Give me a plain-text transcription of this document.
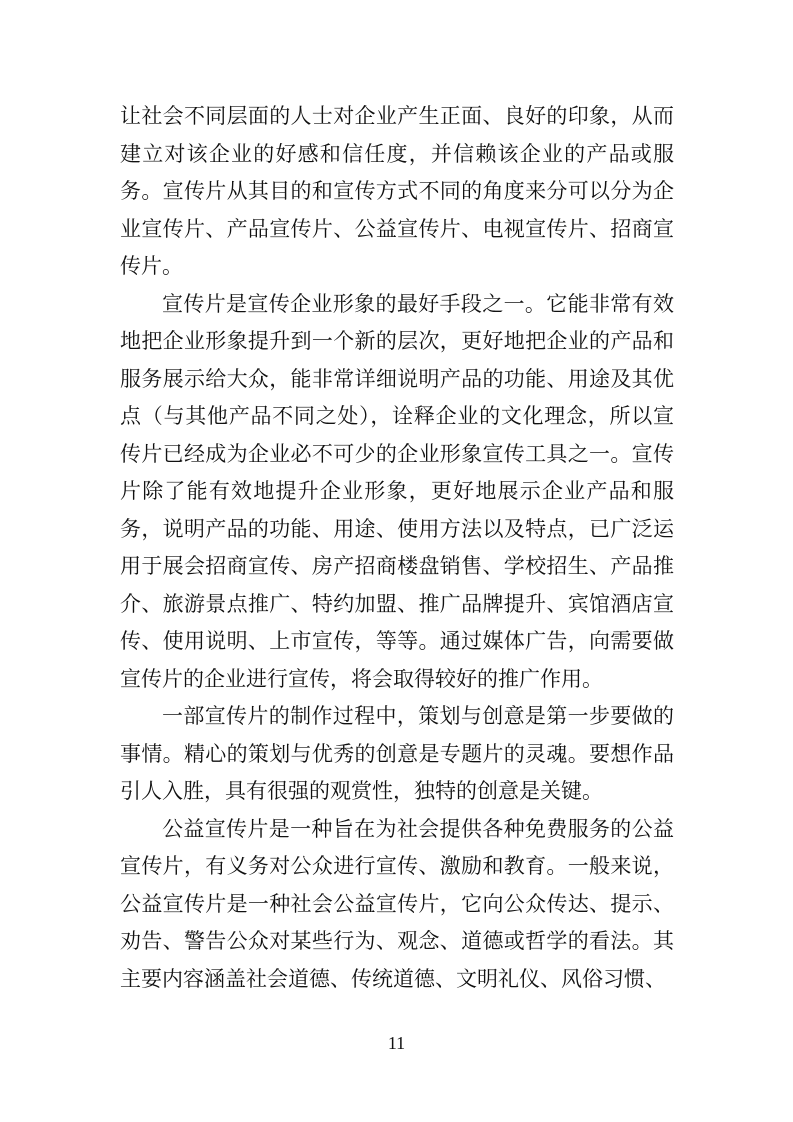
让社会不同层面的人士对企业产生正面、良好的印象，从而建立对该企业的好感和信任度，并信赖该企业的产品或服务。宣传片从其目的和宣传方式不同的角度来分可以分为企业宣传片、产品宣传片、公益宣传片、电视宣传片、招商宣传片。

宣传片是宣传企业形象的最好手段之一。它能非常有效地把企业形象提升到一个新的层次，更好地把企业的产品和服务展示给大众，能非常详细说明产品的功能、用途及其优点（与其他产品不同之处），诠释企业的文化理念，所以宣传片已经成为企业必不可少的企业形象宣传工具之一。宣传片除了能有效地提升企业形象，更好地展示企业产品和服务，说明产品的功能、用途、使用方法以及特点，已广泛运用于展会招商宣传、房产招商楼盘销售、学校招生、产品推介、旅游景点推广、特约加盟、推广品牌提升、宾馆酒店宣传、使用说明、上市宣传，等等。通过媒体广告，向需要做宣传片的企业进行宣传，将会取得较好的推广作用。

一部宣传片的制作过程中，策划与创意是第一步要做的事情。精心的策划与优秀的创意是专题片的灵魂。要想作品引人入胜，具有很强的观赏性，独特的创意是关键。

公益宣传片是一种旨在为社会提供各种免费服务的公益宣传片，有义务对公众进行宣传、激励和教育。一般来说，公益宣传片是一种社会公益宣传片，它向公众传达、提示、劝告、警告公众对某些行为、观念、道德或哲学的看法。其主要内容涵盖社会道德、传统道德、文明礼仪、风俗习惯、

11
